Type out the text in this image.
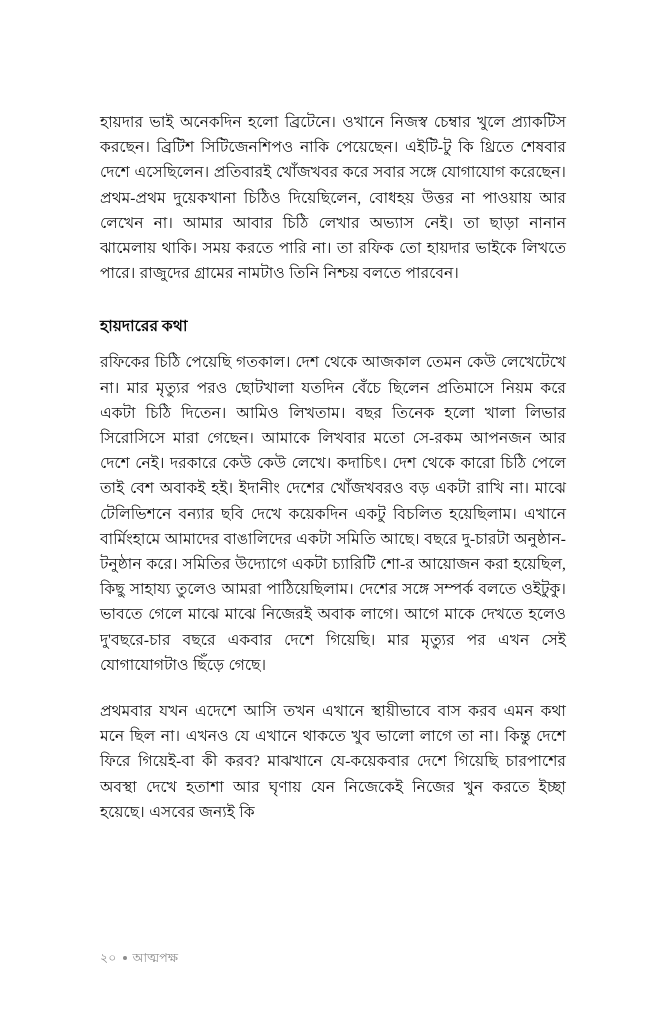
হায়দার ভাই অনেকদিন হলো ব্রিটেনে। ওখানে নিজস্ব চেম্বার খুলে প্র্যাকটিস করছেন। ব্রিটিশ সিটিজেনশিপও নাকি পেয়েছেন। এইটি-টু কি থ্রিতে শেষবার দেশে এসেছিলেন। প্রতিবারই খোঁজখবর করে সবার সঙ্গে যোগাযোগ করেছেন। প্রথম-প্রথম দুয়েকখানা চিঠিও দিয়েছিলেন, বোধহয় উত্তর না পাওয়ায় আর লেখেন না। আমার আবার চিঠি লেখার অভ্যাস নেই। তা ছাড়া নানান ঝামেলায় থাকি। সময় করতে পারি না। তা রফিক তো হায়দার ভাইকে লিখতে পারে। রাজুদের গ্রামের নামটাও তিনি নিশ্চয় বলতে পারবেন।

হায়দারের কথা

রফিকের চিঠি পেয়েছি গতকাল। দেশ থেকে আজকাল তেমন কেউ লেখেটেখে না। মার মৃত্যুর পরও ছোটখালা যতদিন বেঁচে ছিলেন প্রতিমাসে নিয়ম করে একটা চিঠি দিতেন। আমিও লিখতাম। বছর তিনেক হলো খালা লিভার সিরোসিসে মারা গেছেন। আমাকে লিখবার মতো সে-রকম আপনজন আর দেশে নেই। দরকারে কেউ কেউ লেখে। কদাচিৎ। দেশ থেকে কারো চিঠি পেলে তাই বেশ অবাকই হই। ইদানীং দেশের খোঁজখবরও বড় একটা রাখি না। মাঝে টেলিভিশনে বন্যার ছবি দেখে কয়েকদিন একটু বিচলিত হয়েছিলাম। এখানে বার্মিংহামে আমাদের বাঙালিদের একটা সমিতি আছে। বছরে দু-চারটা অনুষ্ঠান-টনুষ্ঠান করে। সমিতির উদ্যোগে একটা চ্যারিটি শো-র আয়োজন করা হয়েছিল, কিছু সাহায্য তুলেও আমরা পাঠিয়েছিলাম। দেশের সঙ্গে সম্পর্ক বলতে ওইটুকু। ভাবতে গেলে মাঝে মাঝে নিজেরই অবাক লাগে। আগে মাকে দেখতে হলেও দু'বছরে-চার বছরে একবার দেশে গিয়েছি। মার মৃত্যুর পর এখন সেই যোগাযোগটাও ছিঁড়ে গেছে।

প্রথমবার যখন এদেশে আসি তখন এখানে স্থায়ীভাবে বাস করব এমন কথা মনে ছিল না। এখনও যে এখানে থাকতে খুব ভালো লাগে তা না। কিন্তু দেশে ফিরে গিয়েই-বা কী করব? মাঝখানে যে-কয়েকবার দেশে গিয়েছি চারপাশের অবস্থা দেখে হতাশা আর ঘৃণায় যেন নিজেকেই নিজের খুন করতে ইচ্ছা হয়েছে। এসবের জন্যই কি

২০ আত্মপক্ষ
